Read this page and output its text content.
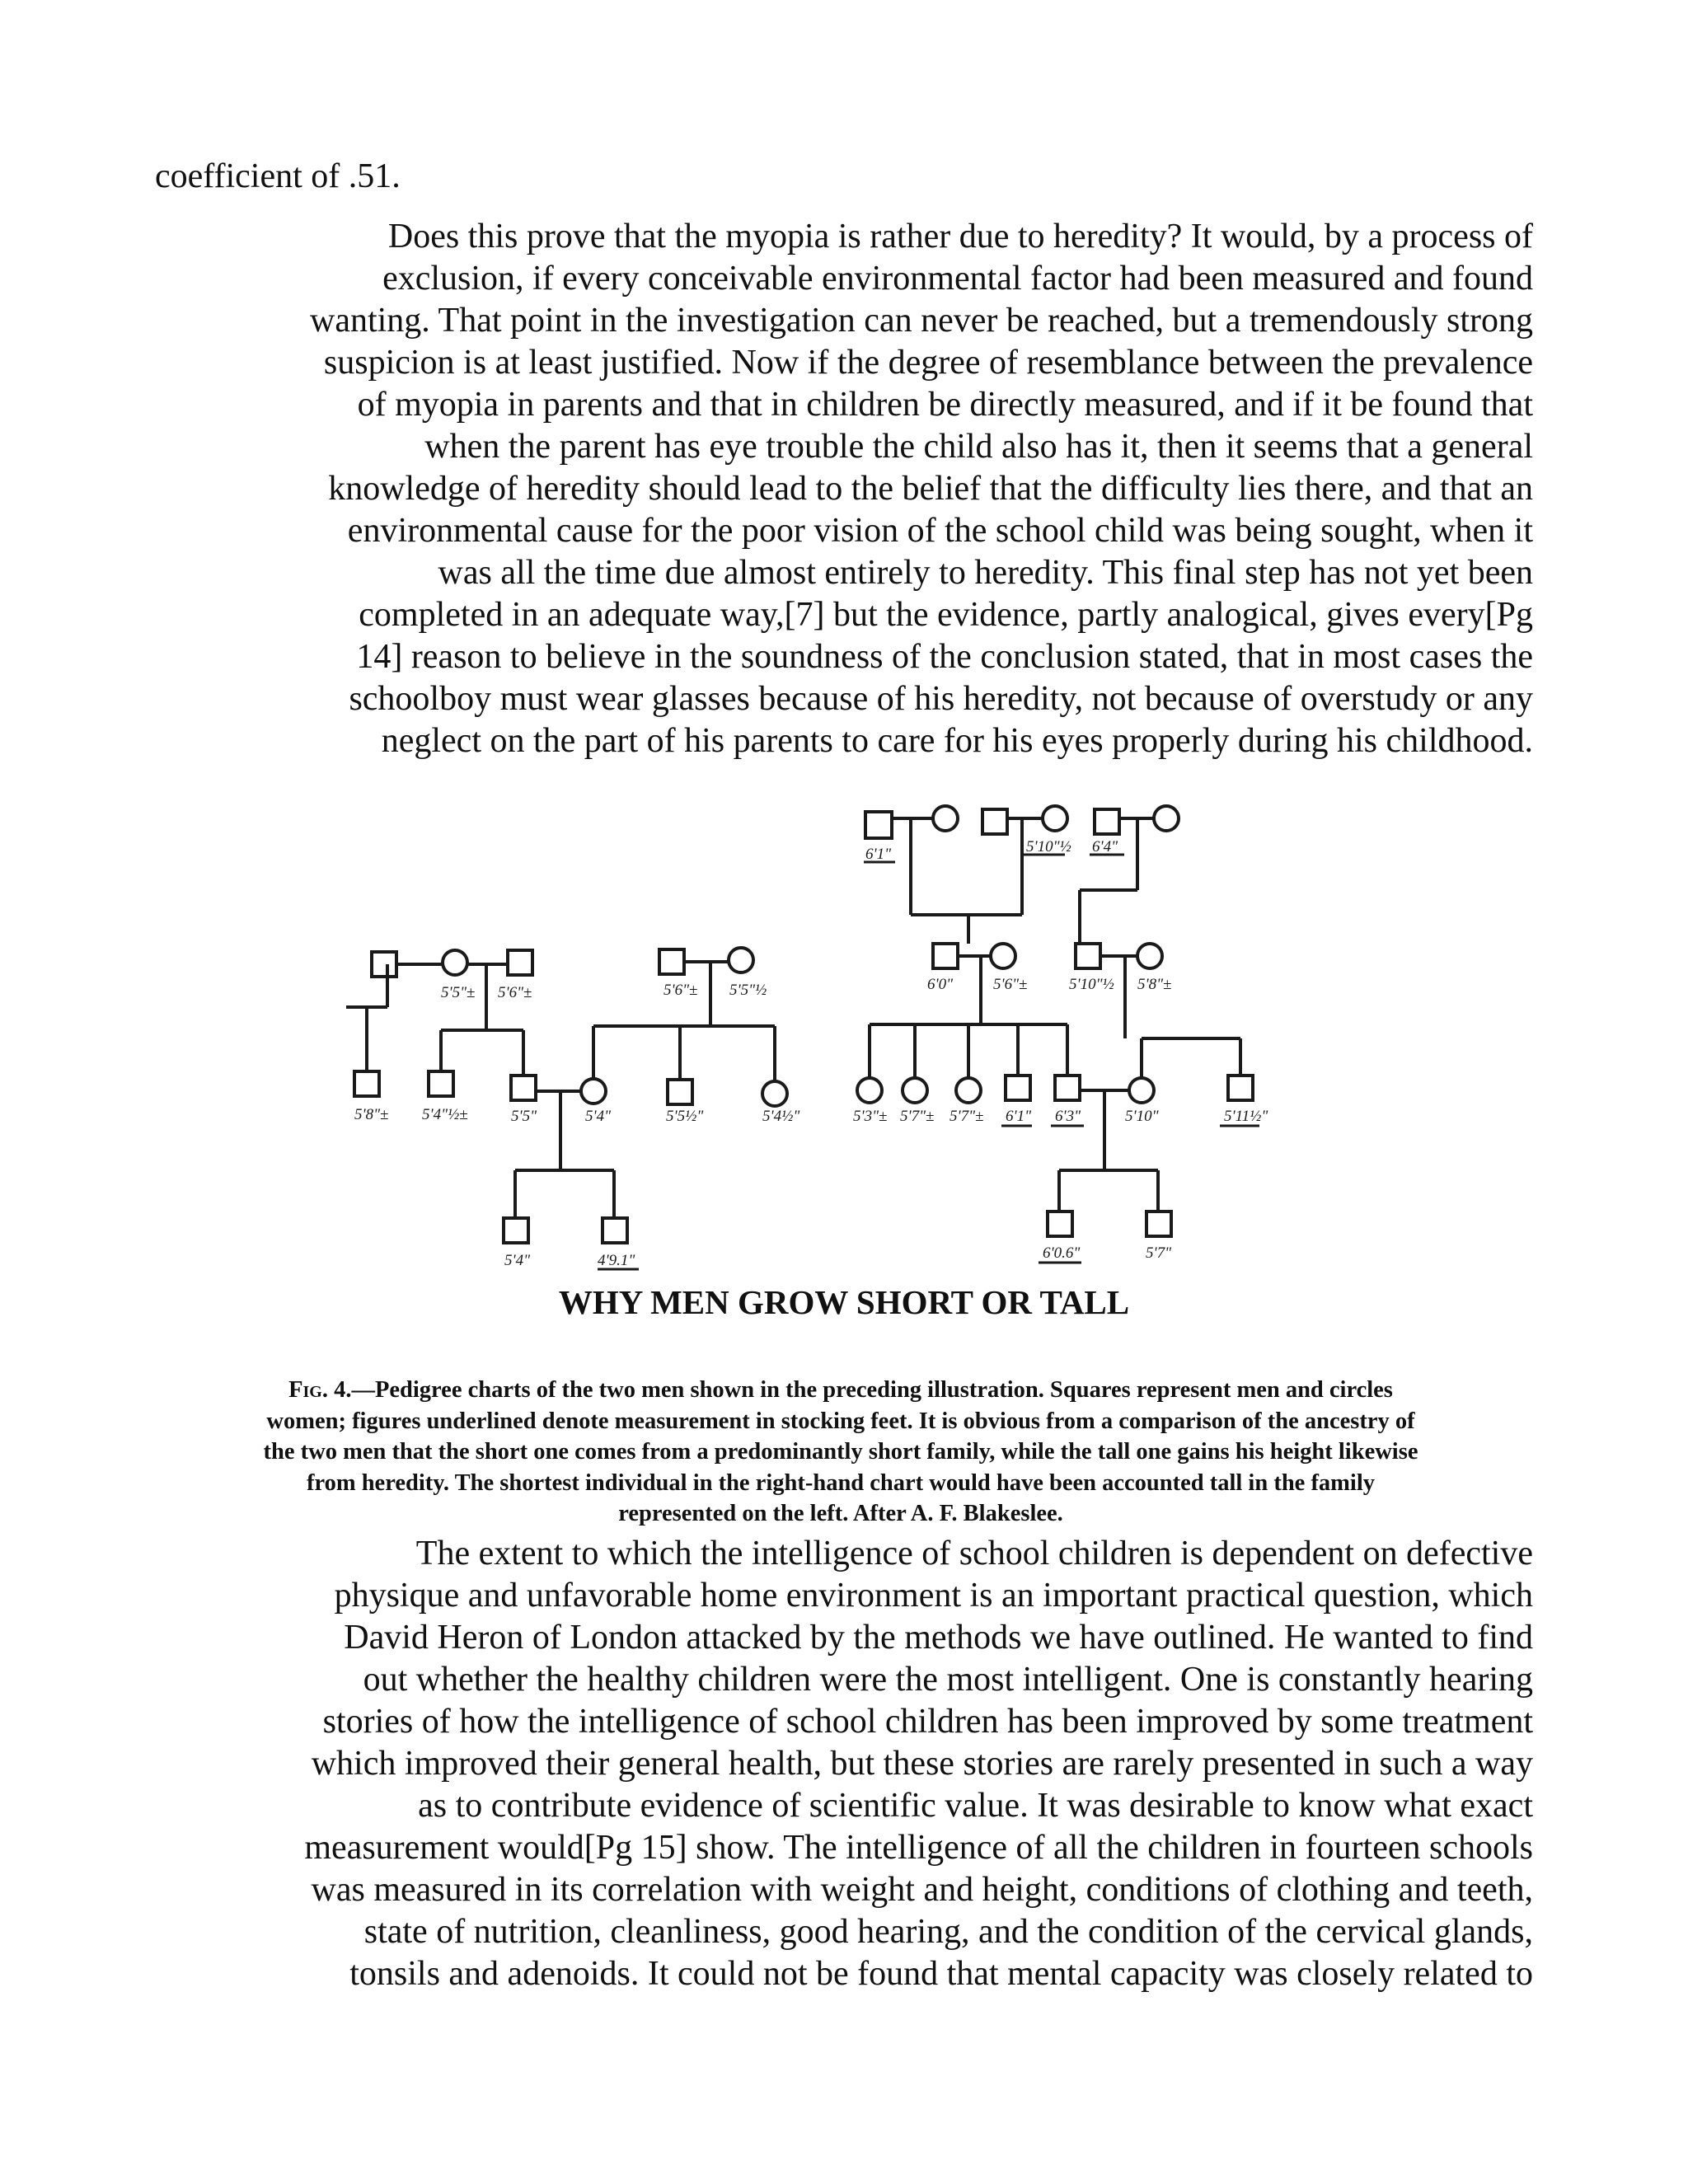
coefficient of .51.

Does this prove that the myopia is rather due to heredity? It would, by a process of
exclusion, if every conceivable environmental factor had been measured and found
wanting. That point in the investigation can never be reached, but a tremendously strong
suspicion is at least justified. Now if the degree of resemblance between the prevalence
of myopia in parents and that in children be directly measured, and if it be found that
when the parent has eye trouble the child also has it, then it seems that a general
knowledge of heredity should lead to the belief that the difficulty lies there, and that an
environmental cause for the poor vision of the school child was being sought, when it
was all the time due almost entirely to heredity. This final step has not yet been
completed in an adequate way,[7] but the evidence, partly analogical, gives every[Pg
14] reason to believe in the soundness of the conclusion stated, that in most cases the
schoolboy must wear glasses because of his heredity, not because of overstudy or any
neglect on the part of his parents to care for his eyes properly during his childhood.

5'5"± 5'6"±	5'6"± 5'5"½
5'8"± 5'4"½±	5'5"	5'4"	5'5½"	5'4½"
5'4"	4'9.1"
6'1"	5'10"½ 6'4"
6'0"	5'6"±	5'10"½ 5'8"±
5'3"± 5'7"± 5'7"± 6'1" 6'3"	5'10"	5'11½"
6'0.6"	5'7"
WHY MEN GROW SHORT OR TALL

Fig. 4.—Pedigree charts of the two men shown in the preceding illustration. Squares represent men and circles
women; figures underlined denote measurement in stocking feet. It is obvious from a comparison of the ancestry of
the two men that the short one comes from a predominantly short family, while the tall one gains his height likewise
from heredity. The shortest individual in the right-hand chart would have been accounted tall in the family
represented on the left. After A. F. Blakeslee.

The extent to which the intelligence of school children is dependent on defective
physique and unfavorable home environment is an important practical question, which
David Heron of London attacked by the methods we have outlined. He wanted to find
out whether the healthy children were the most intelligent. One is constantly hearing
stories of how the intelligence of school children has been improved by some treatment
which improved their general health, but these stories are rarely presented in such a way
as to contribute evidence of scientific value. It was desirable to know what exact
measurement would[Pg 15] show. The intelligence of all the children in fourteen schools
was measured in its correlation with weight and height, conditions of clothing and teeth,
state of nutrition, cleanliness, good hearing, and the condition of the cervical glands,
tonsils and adenoids. It could not be found that mental capacity was closely related to
